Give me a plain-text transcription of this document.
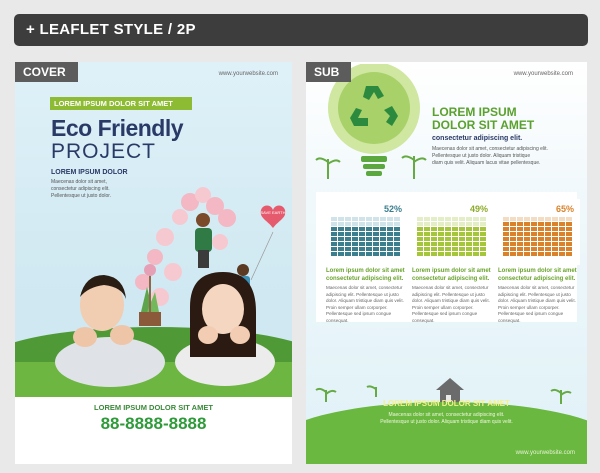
+ LEAFLET STYLE / 2P
COVER	www.yourwebsite.com
LOREM IPSUM DOLOR SIT AMET
Eco Friendly
PROJECT
LOREM IPSUM DOLOR
Maecenas dolor sit amet,
consectetur adipiscing elit.
Pellentesque ut justo dolor.
SAVE EARTH
LOREM IPSUM DOLOR SIT AMET
88-8888-8888
SUB	www.yourwebsite.com
LOREM IPSUM
DOLOR SIT AMET
consectetur adipiscing elit.
Maecenas dolor sit amet, consectetur adipiscing elit.
Pellentesque ut justo dolor. Aliquam tristique
diam quis velit. Aliquam lacus vitae pellentesque.
52%	49%	65%
Lorem ipsum dolor sit amet
consectetur adipiscing elit.

Maecenas dolor sit amet, consectetur adipiscing elit. Pellentesque ut justo dolor. Aliquam tristique diam quis velit. Proin semper ullam corporper. Pellentesque sed ipsum congue consequat.

Lorem ipsum dolor sit amet
consectetur adipiscing elit.

Maecenas dolor sit amet, consectetur adipiscing elit. Pellentesque ut justo dolor. Aliquam tristique diam quis velit. Proin semper ullam corporper. Pellentesque sed ipsum congue consequat.

Lorem ipsum dolor sit amet
consectetur adipiscing elit.

Maecenas dolor sit amet, consectetur adipiscing elit. Pellentesque ut justo dolor. Aliquam tristique diam quis velit. Proin semper ullam corporper. Pellentesque sed ipsum congue consequat.

LOREM IPSUM DOLOR SIT AMET
Maecenas dolor sit amet, consectetur adipiscing elit.
Pellentesque ut justo dolor. Aliquam tristique diam quis velit.
www.yourwebsite.com
